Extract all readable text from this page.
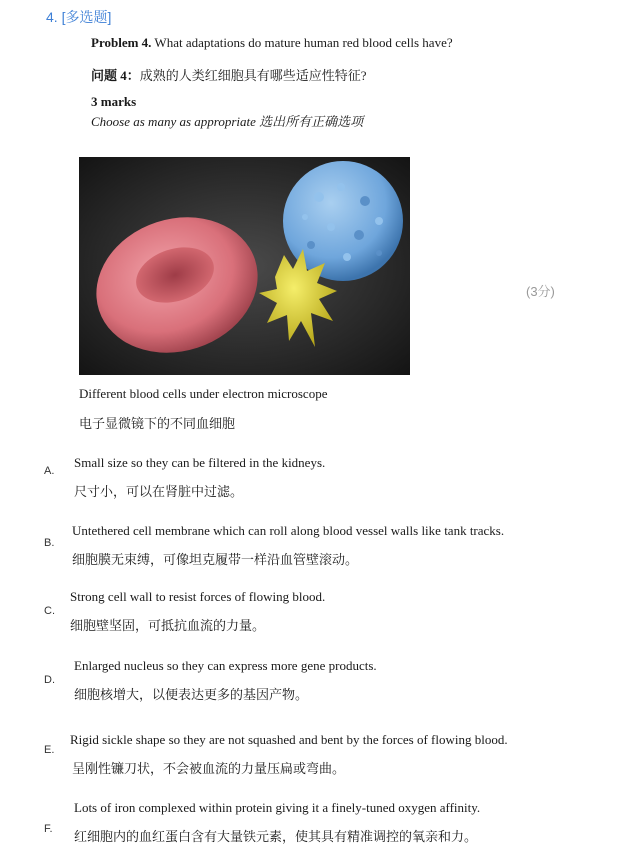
4. [多选题]
(3分)
Problem 4. What adaptations do mature human red blood cells have?
问题 4：成熟的人类红细胞具有哪些适应性特征?
3 marks
Choose as many as appropriate 选出所有正确选项
Different blood cells under electron microscope
电子显微镜下的不同血细胞
A.
Small size so they can be filtered in the kidneys.
尺寸小，可以在肾脏中过滤。
B.
Untethered cell membrane which can roll along blood vessel walls like tank tracks.
细胞膜无束缚，可像坦克履带一样沿血管壁滚动。
C.
Strong cell wall to resist forces of flowing blood.
细胞壁坚固，可抵抗血流的力量。
D.
Enlarged nucleus so they can express more gene products.
细胞核增大，以便表达更多的基因产物。
E.
Rigid sickle shape so they are not squashed and bent by the forces of flowing blood.
呈刚性镰刀状，不会被血流的力量压扁或弯曲。
F.
Lots of iron complexed within protein giving it a finely-tuned oxygen affinity.
红细胞内的血红蛋白含有大量铁元素，使其具有精准调控的氧亲和力。
